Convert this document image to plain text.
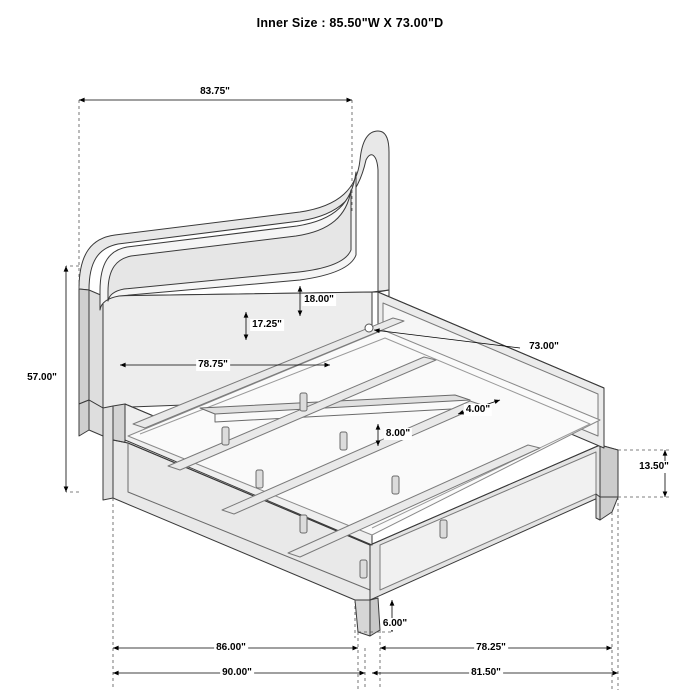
Inner Size : 85.50"W X 73.00"D
83.75"
18.00"
17.25"
78.75"
57.00"
73.00"
4.00"
8.00"
13.50"
6.00"
86.00"	78.25"
90.00"	81.50"
